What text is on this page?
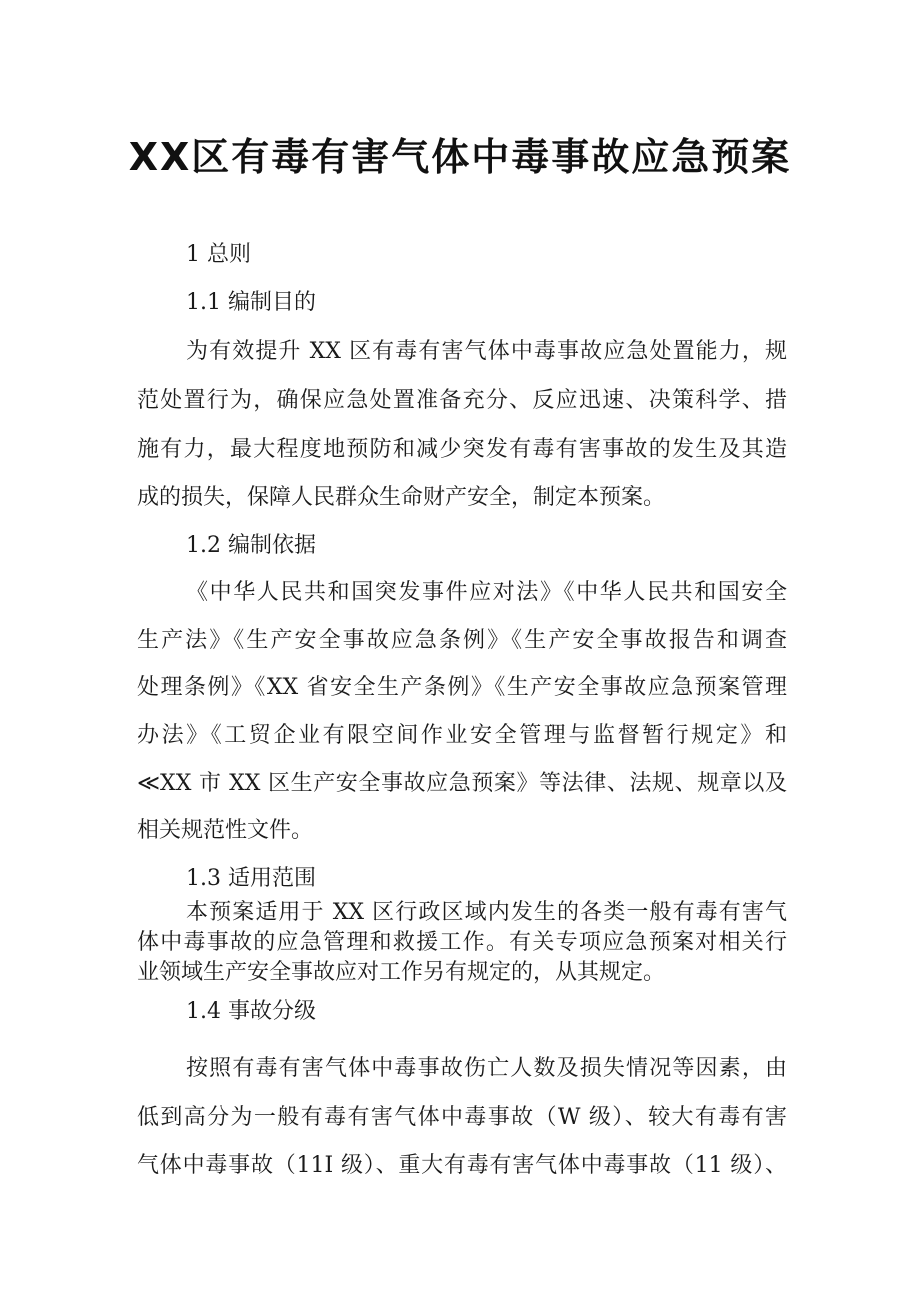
XX区有毒有害气体中毒事故应急预案

1 总则

1.1 编制目的

为有效提升 XX 区有毒有害气体中毒事故应急处置能力，规

范处置行为，确保应急处置准备充分、反应迅速、决策科学、措

施有力，最大程度地预防和减少突发有毒有害事故的发生及其造

成的损失，保障人民群众生命财产安全，制定本预案。

1.2 编制依据

《中华人民共和国突发事件应对法》《中华人民共和国安全

生产法》《生产安全事故应急条例》《生产安全事故报告和调查

处理条例》《XX 省安全生产条例》《生产安全事故应急预案管理

办法》《工贸企业有限空间作业安全管理与监督暂行规定》和

≪XX 市 XX 区生产安全事故应急预案》等法律、法规、规章以及

相关规范性文件。

1.3 适用范围

本预案适用于 XX 区行政区域内发生的各类一般有毒有害气

体中毒事故的应急管理和救援工作。有关专项应急预案对相关行

业领域生产安全事故应对工作另有规定的，从其规定。

1.4 事故分级

按照有毒有害气体中毒事故伤亡人数及损失情况等因素，由

低到高分为一般有毒有害气体中毒事故（W 级）、较大有毒有害

气体中毒事故（11I 级）、重大有毒有害气体中毒事故（11 级）、
